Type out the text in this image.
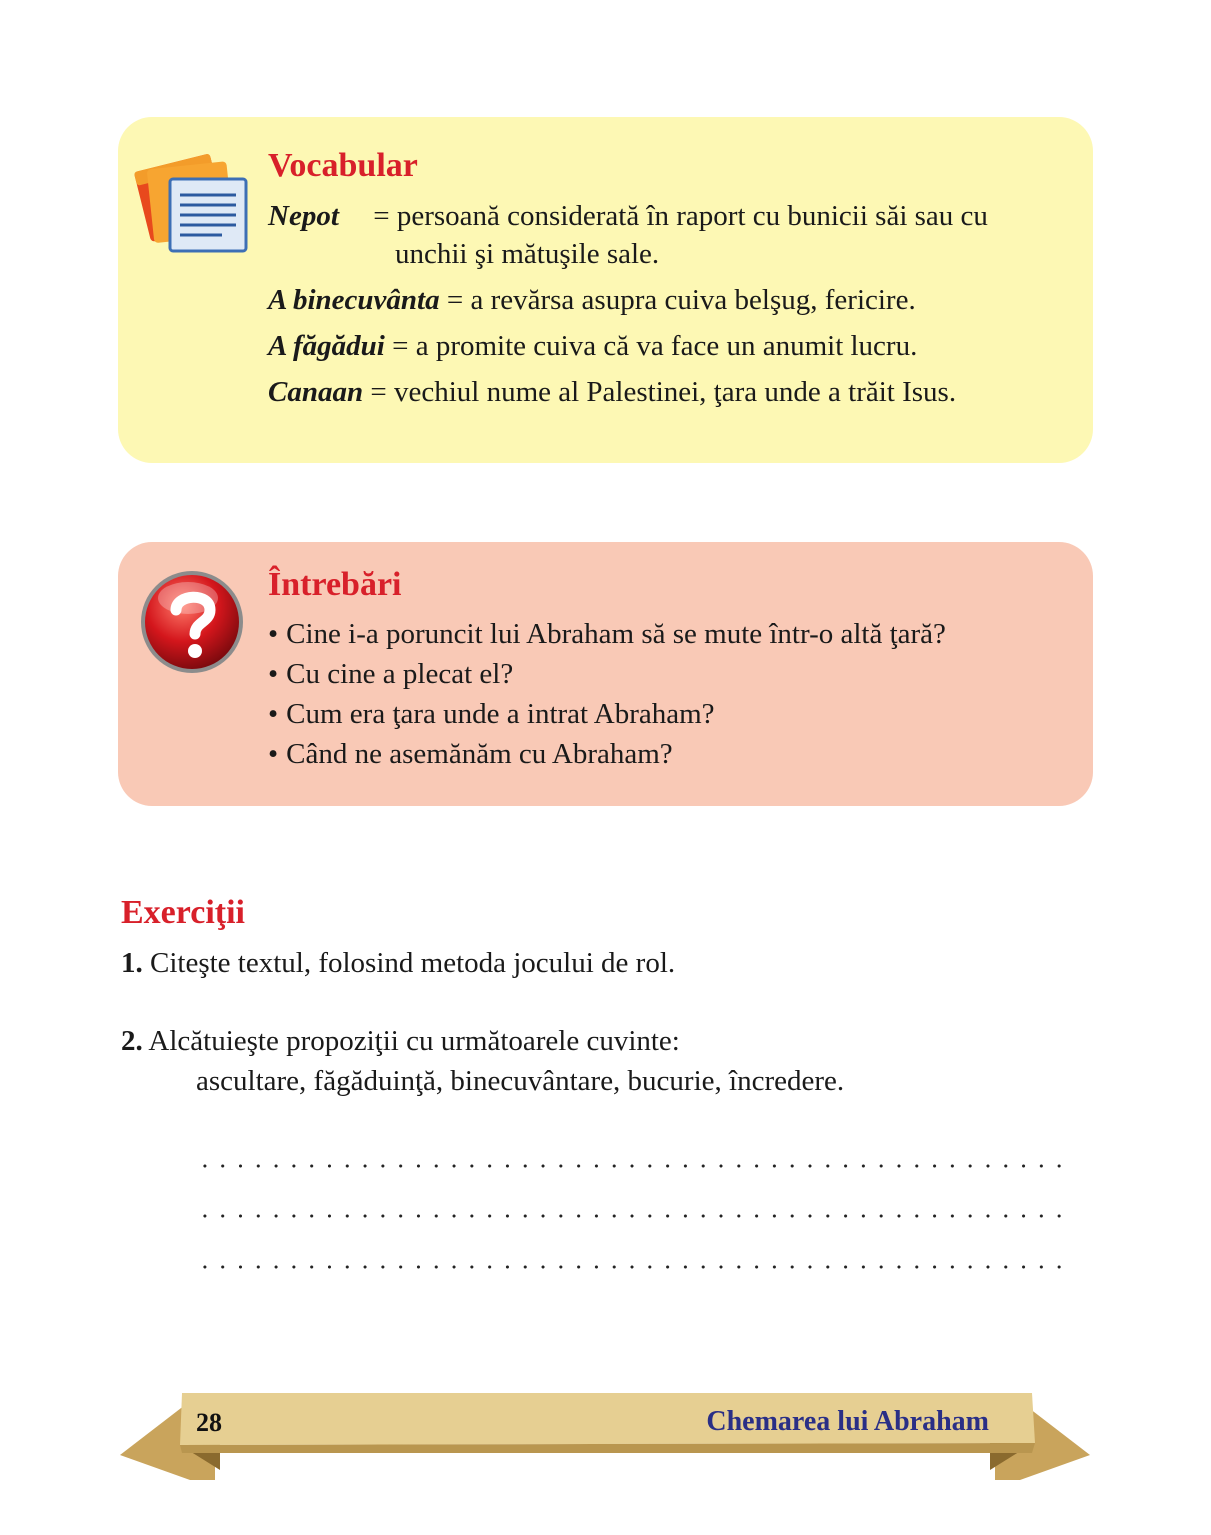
Vocabular

Nepot = persoană considerată în raport cu bunicii săi sau cu
unchii şi mătuşile sale.

A binecuvânta = a revărsa asupra cuiva belşug, fericire.

A făgădui = a promite cuiva că va face un anumit lucru.

Canaan = vechiul nume al Palestinei, ţara unde a trăit Isus.

Întrebări
• Cine i-a poruncit lui Abraham să se mute într-o altă ţară?
• Cu cine a plecat el?
• Cum era ţara unde a intrat Abraham?
• Când ne asemănăm cu Abraham?
Exerciţii

1. Citeşte textul, folosind metoda jocului de rol.

2. Alcătuieşte propoziţii cu următoarele cuvinte:

ascultare, făgăduinţă, binecuvântare, bucurie, încredere.

28	Chemarea lui Abraham
